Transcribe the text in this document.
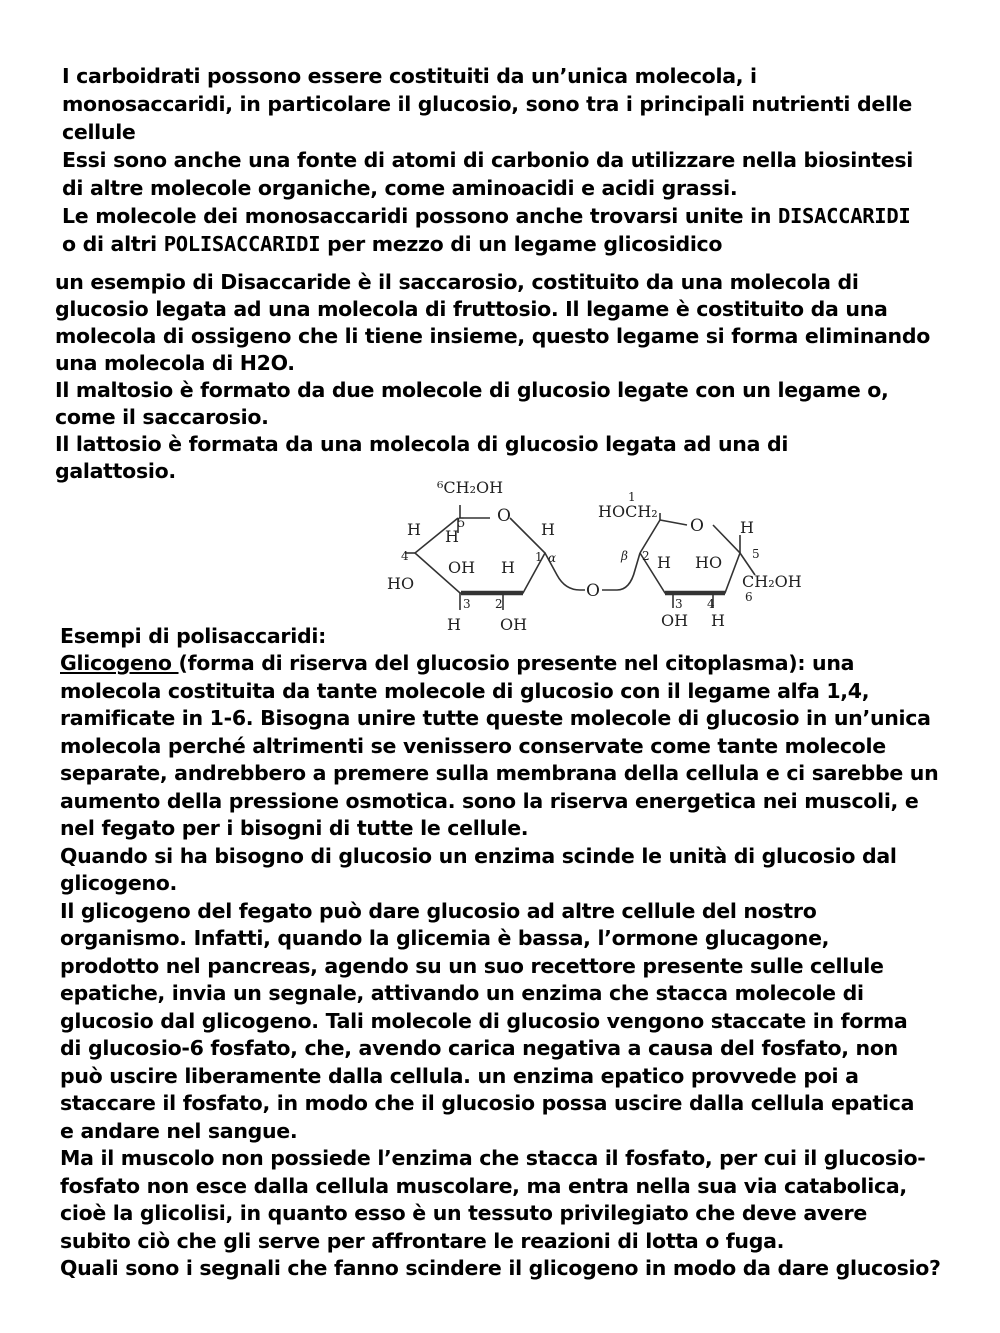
I carboidrati possono essere costituiti da un’unica molecola, i
monosaccaridi, in particolare il glucosio, sono tra i principali nutrienti delle
cellule
Essi sono anche una fonte di atomi di carbonio da utilizzare nella biosintesi
di altre molecole organiche, come aminoacidi e acidi grassi.
Le molecole dei monosaccaridi possono anche trovarsi unite in DISACCARIDI
o di altri POLISACCARIDI per mezzo di un legame glicosidico
un esempio di Disaccaride è il saccarosio, costituito da una molecola di
glucosio legata ad una molecola di fruttosio. Il legame è costituito da una
molecola di ossigeno che li tiene insieme, questo legame si forma eliminando
una molecola di H2O.
Il maltosio è formato da due molecole di glucosio legate con un legame o,
come il saccarosio.
Il lattosio è formata da una molecola di glucosio legata ad una di
galattosio.
⁶CH₂OH
O
5
H H	H
4
OH H
HO
1 α
3 2
H OH
O
1
HOCH₂
O H
β 2 H HO 5
CH₂OH
6
3 4
OH H
Esempi di polisaccaridi:
Glicogeno (forma di riserva del glucosio presente nel citoplasma): una
molecola costituita da tante molecole di glucosio con il legame alfa 1,4,
ramificate in 1-6. Bisogna unire tutte queste molecole di glucosio in un’unica
molecola perché altrimenti se venissero conservate come tante molecole
separate, andrebbero a premere sulla membrana della cellula e ci sarebbe un
aumento della pressione osmotica. sono la riserva energetica nei muscoli, e
nel fegato per i bisogni di tutte le cellule.
Quando si ha bisogno di glucosio un enzima scinde le unità di glucosio dal
glicogeno.
Il glicogeno del fegato può dare glucosio ad altre cellule del nostro
organismo. Infatti, quando la glicemia è bassa, l’ormone glucagone,
prodotto nel pancreas, agendo su un suo recettore presente sulle cellule
epatiche, invia un segnale, attivando un enzima che stacca molecole di
glucosio dal glicogeno. Tali molecole di glucosio vengono staccate in forma
di glucosio-6 fosfato, che, avendo carica negativa a causa del fosfato, non
può uscire liberamente dalla cellula. un enzima epatico provvede poi a
staccare il fosfato, in modo che il glucosio possa uscire dalla cellula epatica
e andare nel sangue.
Ma il muscolo non possiede l’enzima che stacca il fosfato, per cui il glucosio-
fosfato non esce dalla cellula muscolare, ma entra nella sua via catabolica,
cioè la glicolisi, in quanto esso è un tessuto privilegiato che deve avere
subito ciò che gli serve per affrontare le reazioni di lotta o fuga.
Quali sono i segnali che fanno scindere il glicogeno in modo da dare glucosio?
